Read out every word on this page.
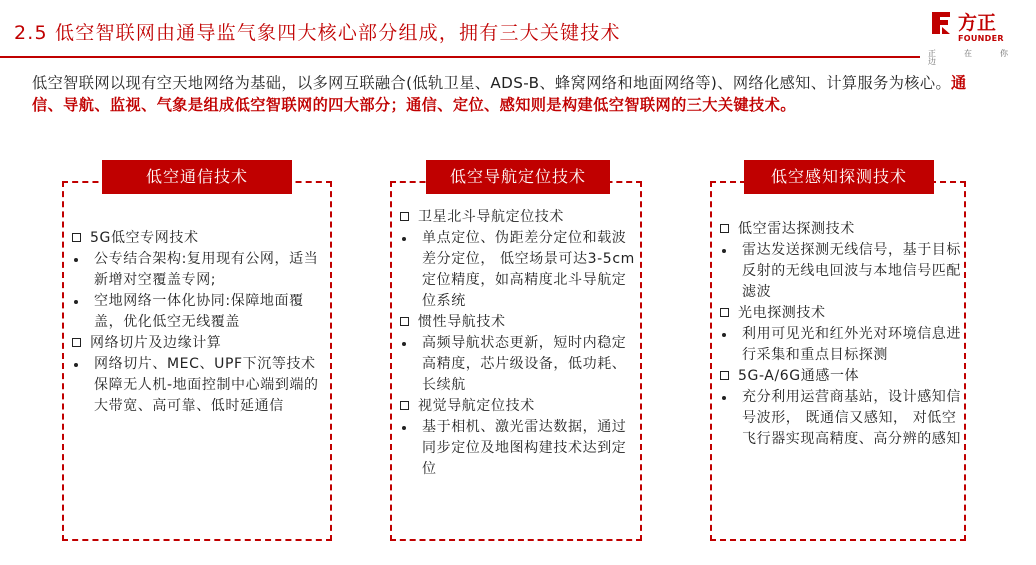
2.5 低空智联网由通导监气象四大核心部分组成，拥有三大关键技术	方正
FOUNDER
正	在	你
边
低空智联网以现有空天地网络为基础，以多网互联融合(低轨卫星、ADS-B、蜂窝网络和地面网络等)、网络化感知、计算服务为核心。通信、导航、监视、气象是组成低空智联网的四大部分；通信、定位、感知则是构建低空智联网的三大关键技术。
低空通信技术
5G低空专网技术
公专结合架构:复用现有公网，适当新增对空覆盖专网;
空地网络一体化协同:保障地面覆盖，优化低空无线覆盖
网络切片及边缘计算
网络切片、MEC、UPF下沉等技术保障无人机-地面控制中心端到端的大带宽、高可靠、低时延通信
低空导航定位技术
卫星北斗导航定位技术
单点定位、伪距差分定位和载波差分定位， 低空场景可达3-5cm定位精度，如高精度北斗导航定位系统
惯性导航技术
高频导航状态更新，短时内稳定高精度，芯片级设备，低功耗、长续航
视觉导航定位技术
基于相机、激光雷达数据，通过同步定位及地图构建技术达到定位
低空感知探测技术
低空雷达探测技术
雷达发送探测无线信号，基于目标反射的无线电回波与本地信号匹配滤波
光电探测技术
利用可见光和红外光对环境信息进行采集和重点目标探测
5G-A/6G通感一体
充分利用运营商基站，设计感知信号波形， 既通信又感知， 对低空飞行器实现高精度、高分辨的感知
